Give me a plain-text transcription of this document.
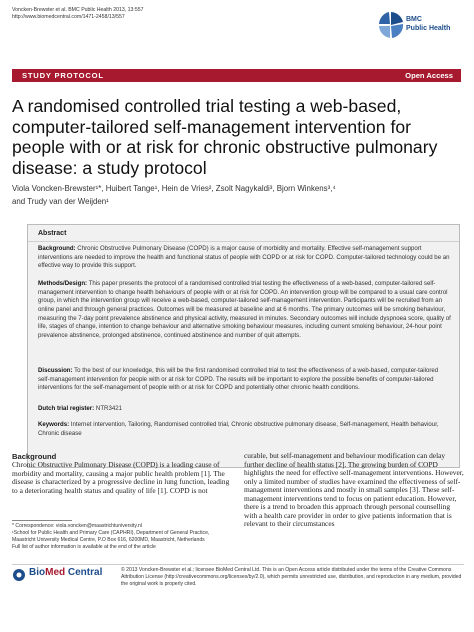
Voncken-Brewster et al. BMC Public Health 2013, 13:557
http://www.biomedcentral.com/1471-2458/13/557	BMC
Public Health
STUDY PROTOCOL	Open Access
A randomised controlled trial testing a web-based, computer-tailored self-management intervention for people with or at risk for chronic obstructive pulmonary disease: a study protocol
Viola Voncken-Brewster¹*, Huibert Tange¹, Hein de Vries², Zsolt Nagykaldi³, Bjorn Winkens³,⁴
and Trudy van der Weijden¹
Abstract
Background: Chronic Obstructive Pulmonary Disease (COPD) is a major cause of morbidity and mortality. Effective self-management support interventions are needed to improve the health and functional status of people with COPD or at risk for COPD. Computer-tailored technology could be an effective way to provide this support.
Methods/Design: This paper presents the protocol of a randomised controlled trial testing the effectiveness of a web-based, computer-tailored self-management intervention to change health behaviours of people with or at risk for COPD. An intervention group will be compared to a usual care control group, in which the intervention group will receive a web-based, computer-tailored self-management intervention. Participants will be recruited from an online panel and through general practices. Outcomes will be measured at baseline and at 6 months. The primary outcomes will be smoking behaviour, measuring the 7-day point prevalence abstinence and physical activity, measured in minutes. Secondary outcomes will include dyspnoea score, quality of life, stages of change, intention to change behaviour and alternative smoking behaviour measures, including current smoking behaviour, 24-hour point prevalence abstinence, prolonged abstinence, continued abstinence and number of quit attempts.
Discussion: To the best of our knowledge, this will be the first randomised controlled trial to test the effectiveness of a web-based, computer-tailored self-management intervention for people with or at risk for COPD. The results will be important to explore the possible benefits of computer-tailored interventions for the self-management of people with or at risk for COPD and potentially other chronic health conditions.
Dutch trial register: NTR3421
Keywords: Internet intervention, Tailoring, Randomised controlled trial, Chronic obstructive pulmonary disease, Self-management, Health behaviour, Chronic disease
Background
Chronic Obstructive Pulmonary Disease (COPD) is a leading cause of morbidity and mortality, causing a major public health problem [1]. The disease is characterized by a progressive decline in lung function, leading to a deteriorating health status and quality of life [1]. COPD is not
curable, but self-management and behaviour modification can delay further decline of health status [2]. The growing burden of COPD highlights the need for effective self-management interventions. However, only a limited number of studies have examined the effectiveness of self-management interventions and mostly in small samples [3]. These self-management interventions tend to focus on patient education. However, there is a trend to broaden this approach through personal counselling with a health care provider in order to give patients information that is relevant to their circumstances
* Correspondence: viola.voncken@maastrichtuniversity.nl
¹School for Public Health and Primary Care (CAPHRI), Department of General Practice, Maastricht University Medical Centre, P.O Box 616, 6200MD, Maastricht, Netherlands
Full list of author information is available at the end of the article
BioMed Central	© 2013 Voncken-Brewster et al.; licensee BioMed Central Ltd. This is an Open Access article distributed under the terms of the Creative Commons Attribution License (http://creativecommons.org/licenses/by/2.0), which permits unrestricted use, distribution, and reproduction in any medium, provided the original work is properly cited.
